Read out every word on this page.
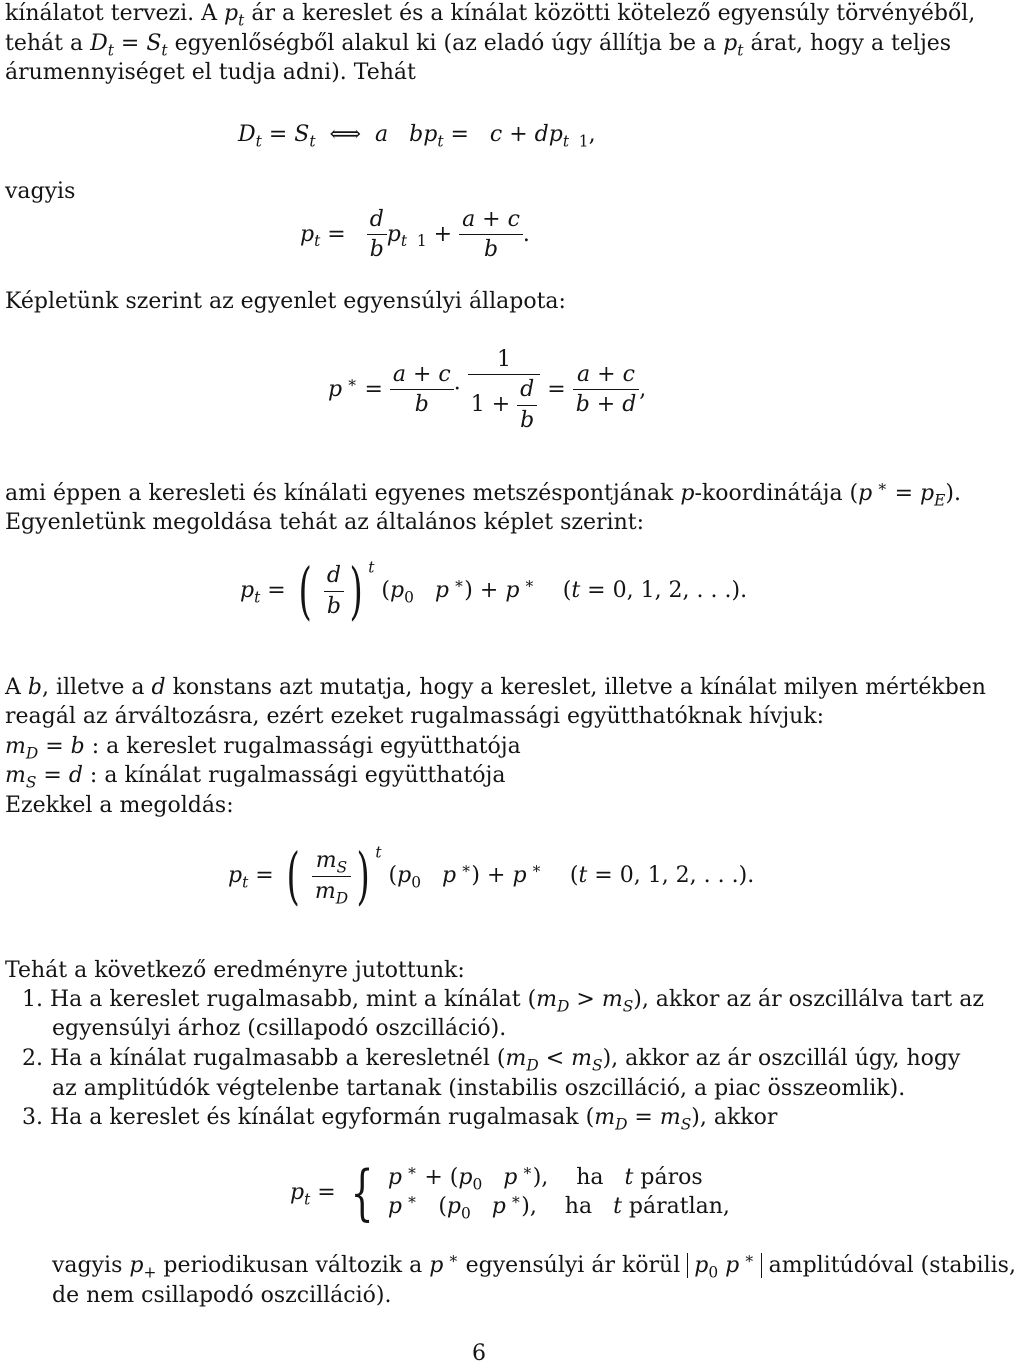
kínálatot tervezi. A $p_t$ ár a kereslet és a kínálat közötti kötelező egyensúly törvényéből,
tehát a $D_t = S_t$ egyenlőségből alakul ki (az eladó úgy állítja be a $p_t$ árat, hogy a teljes
árumennyiséget el tudja adni). Tehát
$D_t = S_t$  ⟺  a $bp_t = c + dp_t$  $_1$,
vagyis
$p_t = \frac{d}{b} p_t$  $_1 + \frac{a + c}{b}$ .
Képletünk szerint az egyenlet egyensúlyi állapota:
p $^∗ = \frac{a + c}{b} \cdot \frac{1}{1 + \frac{d}{b}} = \frac{a + c}{b + d}$ ,
ami éppen a keresleti és kínálati egyenes metszéspontjának p-koordinátája (p $^∗ = p_E$).
Egyenletünk megoldása tehát az általános képlet szerint:
$p_t$ = ( $\frac{d}{b}$ ) $^t$ ($p_0$ p ∗) + p ∗    (t = 0, 1, 2, . . .).
A b, illetve a d konstans azt mutatja, hogy a kereslet, illetve a kínálat milyen mértékben
reagál az árváltozásra, ezért ezeket rugalmassági együtthatóknak hívjuk:
$m_D = b$ : a kereslet rugalmassági együtthatója
$m_S = d$ : a kínálat rugalmassági együtthatója
Ezekkel a megoldás:
$p_t$ = ( $\frac{m_S}{m_D}$ ) $^t$ ($p_0$ p ∗) + p ∗    (t = 0, 1, 2, . . .).
Tehát a következő eredményre jutottunk:
1. Ha a kereslet rugalmasabb, mint a kínálat $(m_D > m_S)$, akkor az ár oszcillálva tart az
egyensúlyi árhoz (csillapodó oszcilláció).
2. Ha a kínálat rugalmasabb a keresletnél $(m_D < m_S)$, akkor az ár oszcillál úgy, hogy
az amplitúdók végtelenbe tartanak (instabilis oszcilláció, a piac összeomlik).
3. Ha a kereslet és kínálat egyformán rugalmasak $(m_D = m_S)$, akkor
$p_t$ = { p $^∗ + (p_0$ p ∗),    ha t páros
p ∗   ($p_0$ p ∗),    ha t páratlan,
vagyis $p_+$ periodikusan változik a p ∗ egyensúlyi ár körül $p_0$ p ∗ amplitúdóval (stabilis,
de nem csillapodó oszcilláció).
6
